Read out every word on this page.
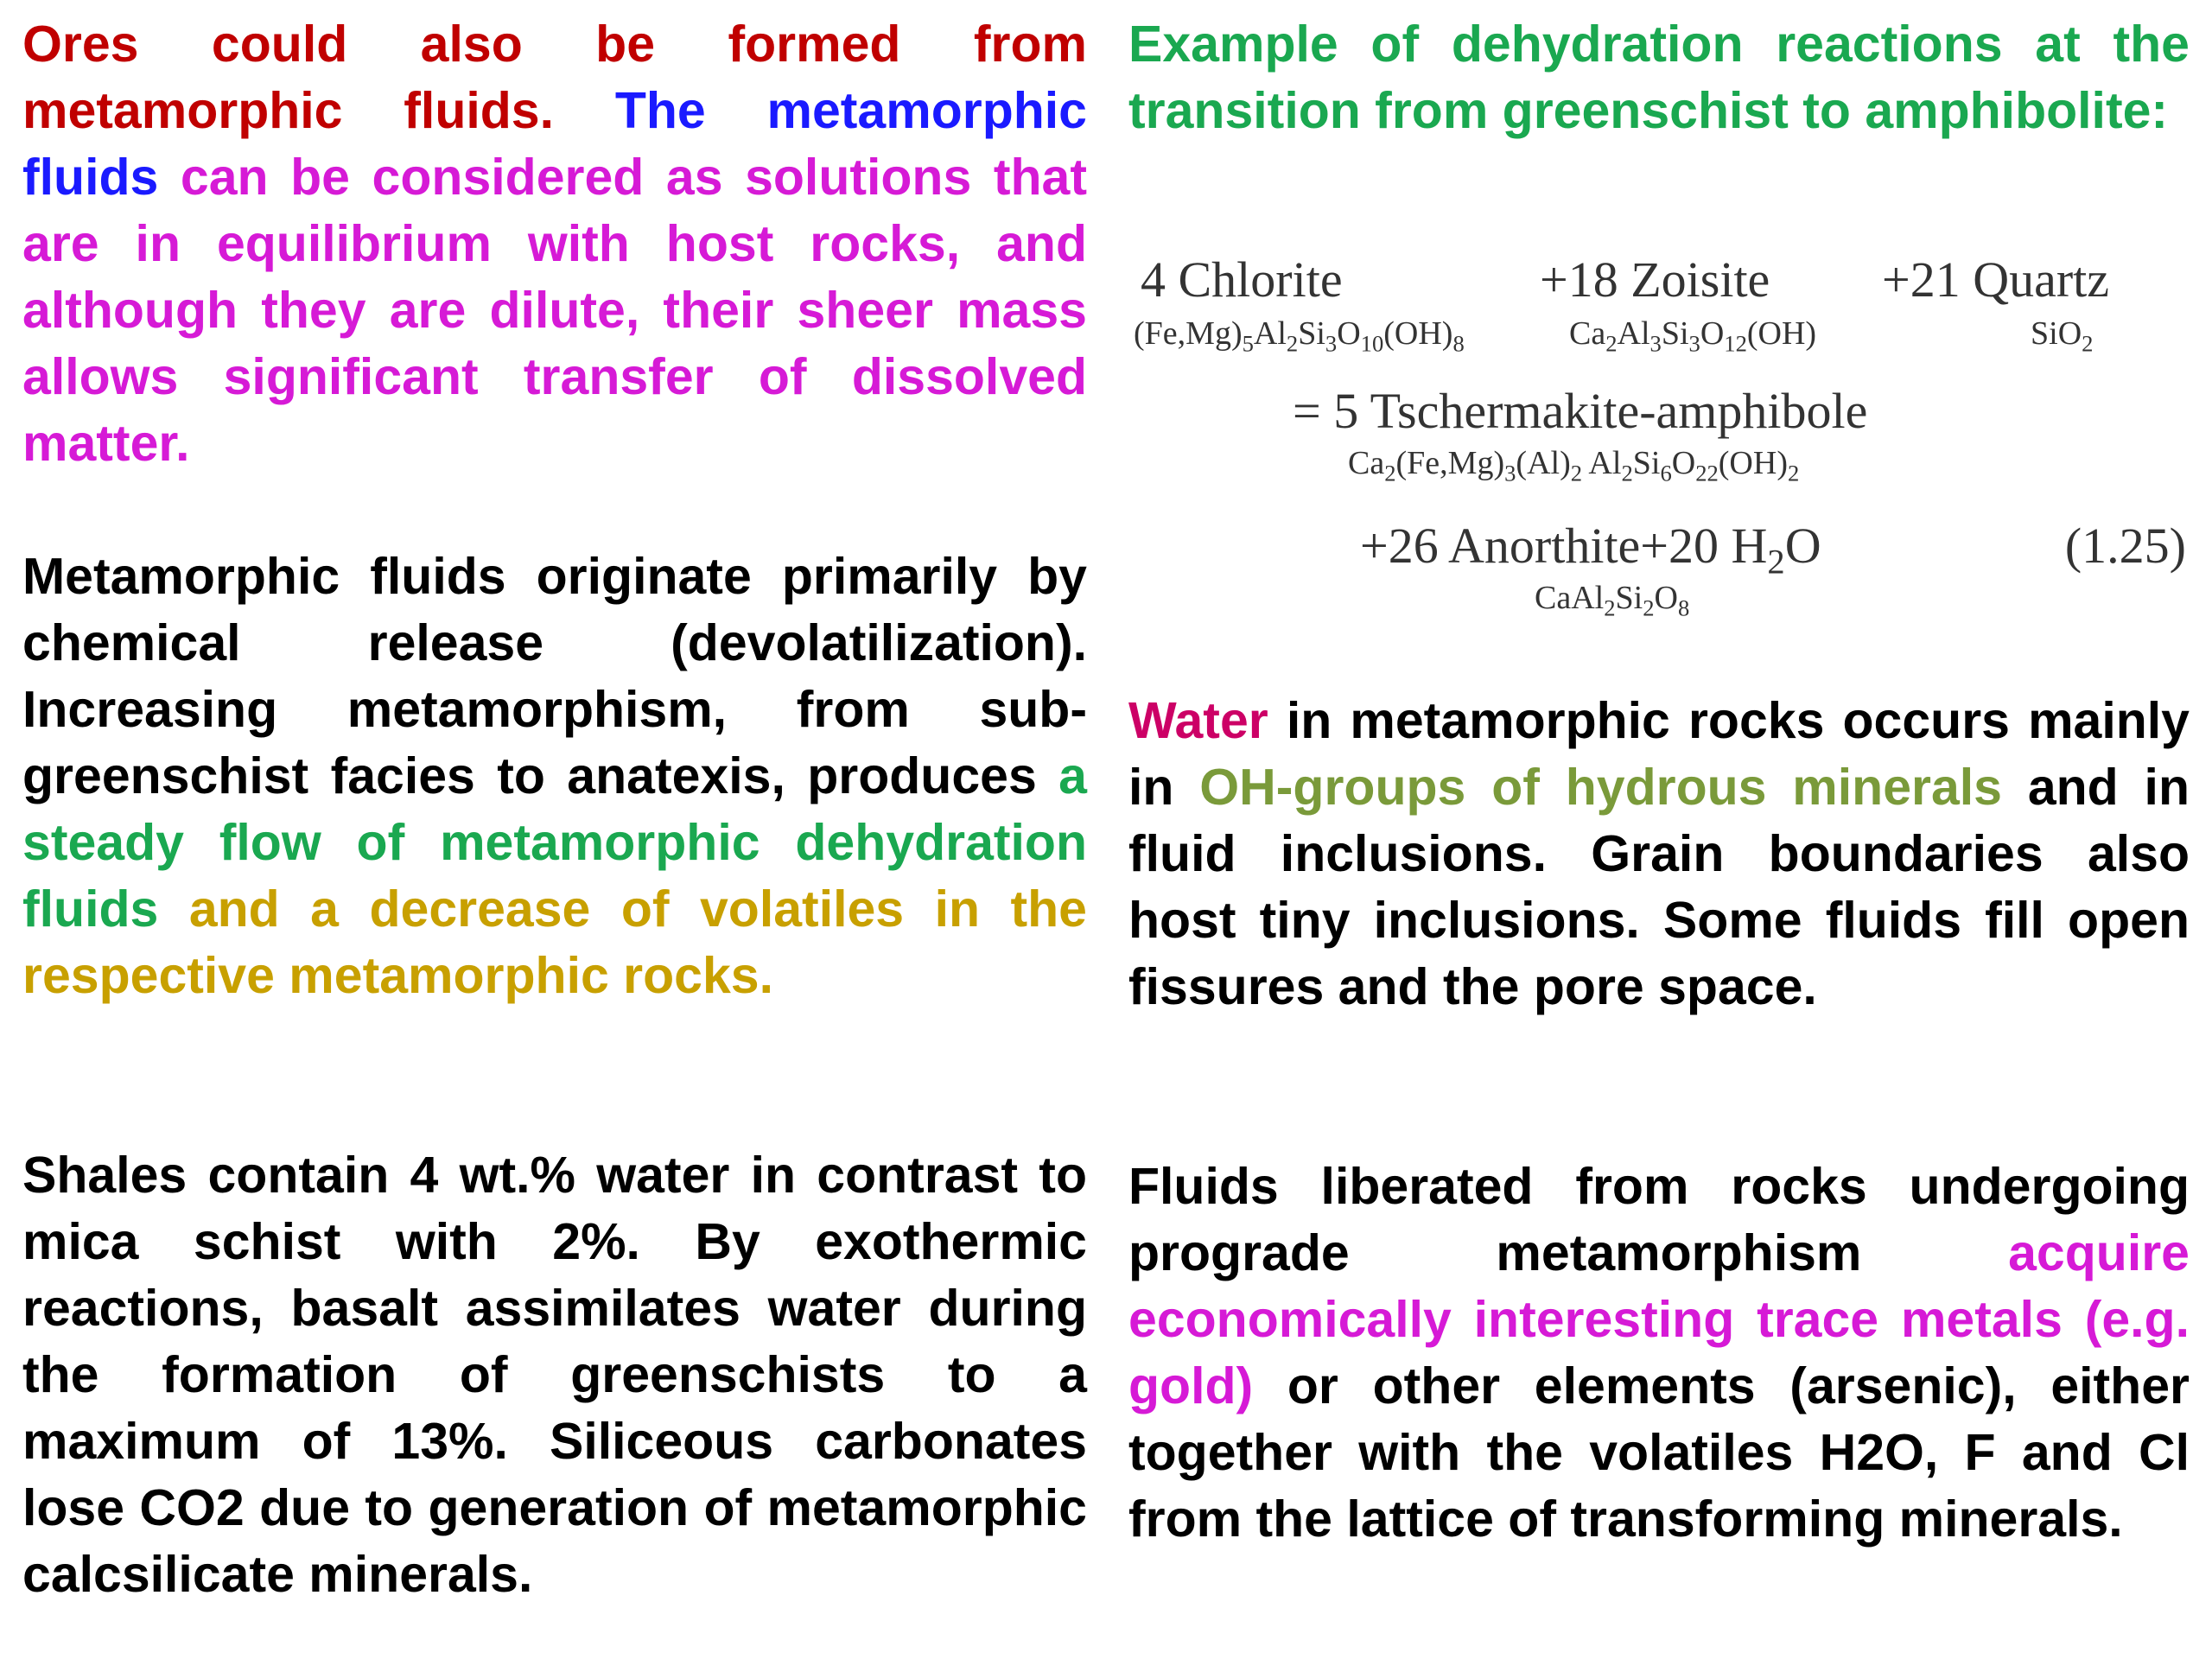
Ores could also be formed from metamorphic fluids. The metamorphic fluids can be considered as solutions that are in equilibrium with host rocks, and although they are dilute, their sheer mass allows significant transfer of dissolved matter.

Metamorphic fluids originate primarily by chemical release (devolatilization). Increasing metamorphism, from sub-greenschist facies to anatexis, produces a steady flow of metamorphic dehydration fluids and a decrease of volatiles in the respective metamorphic rocks.

Shales contain 4 wt.% water in contrast to mica schist with 2%. By exothermic reactions, basalt assimilates water during the formation of greenschists to a maximum of 13%. Siliceous carbonates lose CO2 due to generation of metamorphic calcsilicate minerals.

Example of dehydration reactions at the transition from greenschist to amphibolite:

4 Chlorite
$(Fe,Mg)_5Al_2Si_3O_{10}(OH)_8$
+18 Zoisite
$Ca_2Al_3Si_3O_{12}(OH)$
+21 Quartz
SiO$_2$
= 5 Tschermakite-amphibole
$Ca_2(Fe,Mg)_3(Al)_2$ $Al_2Si_6O_{22}(OH)_2$
+26 Anorthite+20 $H_2O$
$CaAl_2Si_2O_8$
(1.25)

Water in metamorphic rocks occurs mainly in OH-groups of hydrous minerals and in fluid inclusions. Grain boundaries also host tiny inclusions. Some fluids fill open fissures and the pore space.

Fluids liberated from rocks undergoing prograde metamorphism	acquire economically interesting trace metals (e.g. gold) or other elements (arsenic), either together with the volatiles H2O, F and Cl from the lattice of transforming minerals.
